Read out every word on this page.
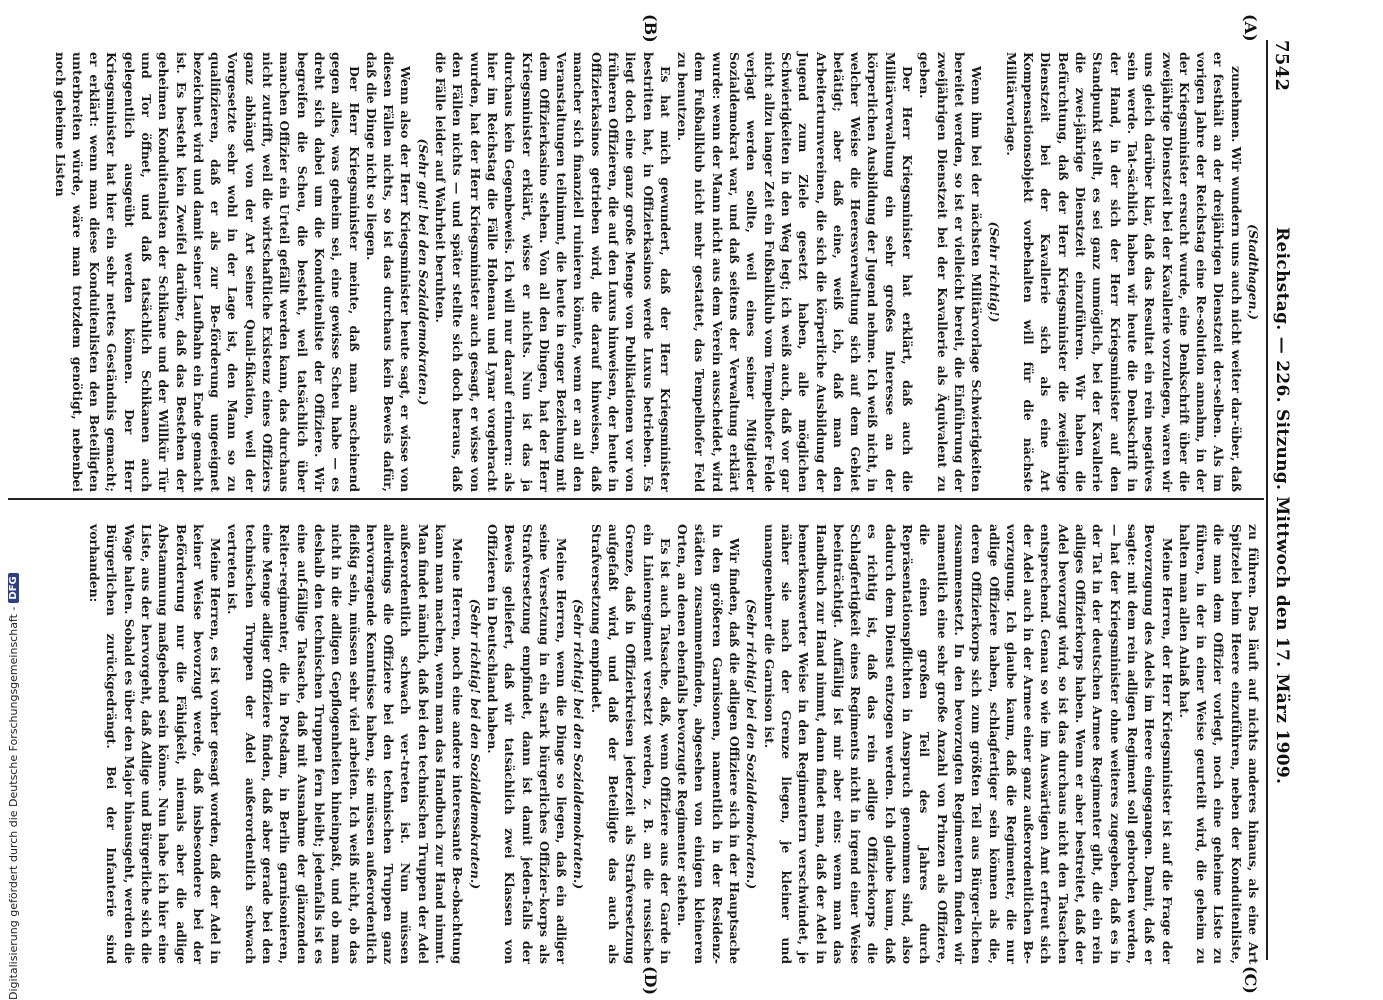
7542
Reichstag. — 226. Sitzung. Mittwoch den 17. März 1909.
(A)
(B)
(C)
(D)

(Stadthagen.)

zunehmen. Wir wundern uns auch nicht weiter dar-über, daß er festhält an der dreijährigen Dienstzeit der-selben. Als im vorigen Jahre der Reichstag eine Re-solution annahm, in der der Kriegsminister ersucht wurde, eine Denkschrift über die zweijährige Dienstzeit bei der Kavallerie vorzulegen, waren wir uns gleich darüber klar, daß das Resultat ein rein negatives sein werde. Tat-sächlich haben wir heute die Denkschrift in der Hand, in der sich der Herr Kriegsminister auf den Standpunkt stellt, es sei ganz unmöglich, bei der Kavallerie die zwei-jährige Dienstzeit einzuführen. Wir haben die Befürchtung, daß der Herr Kriegsminister die zweijährige Dienstzeit bei der Kavallerie sich als eine Art Kompensationsobjekt vorbehalten will für die nächste Militärvorlage.

(Sehr richtig!)

Wenn ihm bei der nächsten Militärvorlage Schwierigkeiten bereitet werden, so ist er vielleicht bereit, die Einführung der zweijährigen Dienstzeit bei der Kavallerie als Äquivalent zu geben.

Der Herr Kriegsminister hat erklärt, daß auch die Militärverwaltung ein sehr großes Interesse an der körperlichen Ausbildung der Jugend nehme. Ich weiß nicht, in welcher Weise die Heeresverwaltung sich auf dem Gebiet betätigt; aber daß eine, weiß ich, daß man den Arbeiterturnvereinen, die sich die körperliche Ausbildung der Jugend zum Ziele gesetzt haben, alle möglichen Schwierigkeiten in den Weg legt; ich weiß auch, daß vor gar nicht allzu langer Zeit ein Fußballklub vom Tempelhofer Felde verjagt werden sollte, weil eines seiner Mitglieder Sozialdemokrat war, und daß seitens der Verwaltung erklärt wurde: wenn der Mann nicht aus dem Verein ausscheidet, wird dem Fußballklub nicht mehr gestattet, das Tempelhofer Feld zu benutzen.

Es hat mich gewundert, daß der Herr Kriegsminister bestritten hat, in Offizierkasinos werde Luxus betrieben. Es liegt doch eine ganz große Menge von Publikationen vor von früheren Offizieren, die auf den Luxus hinweisen, der heute in Offizierkasinos getrieben wird, die darauf hinweisen, daß mancher sich finanziell ruinieren könnte, wenn er an all den Veranstaltungen teilnimmt, die heute in enger Beziehung mit dem Offizierkasino stehen. Von all den Dingen, hat der Herr Kriegsminister erklärt, wisse er nichts. Nun ist das ja durchaus kein Gegenbeweis. Ich will nur darauf erinnern: als hier im Reichstag die Fälle Hohenau und Lynar vorgebracht wurden, hat der Herr Kriegsminister auch gesagt, er wisse von den Fällen nichts — und später stellte sich doch heraus, daß die Fälle leider auf Wahrheit beruhten.

(Sehr gut! bei den Sozialdemokraten.)

Wenn also der Herr Kriegsminister heute sagt, er wisse von diesen Fällen nichts, so ist das durchaus kein Beweis dafür, daß die Dinge nicht so liegen.

Der Herr Kriegsminister meinte, daß man anscheinend gegen alles, was geheim sei, eine gewisse Scheu habe — es dreht sich dabei um die Konduitenliste der Offiziere. Wir begreifen die Scheu, die besteht, weil tatsächlich über manchen Offizier ein Urteil gefällt werden kann, das durchaus nicht zutrifft, weil die wirtschaftliche Existenz eines Offiziers ganz abhängt von der Art seiner Quali-fikation, weil der Vorgesetzte sehr wohl in der Lage ist, den Mann so zu qualifizieren, daß er als zur Be-förderung ungeeignet bezeichnet wird und damit seiner Laufbahn ein Ende gemacht ist. Es besteht kein Zweifel darüber, daß das Bestehen der geheimen Konduitenlisten der Schikane und der Willkür Tür und Tor öffnet, und daß tatsächlich Schikanen auch gelegentlich ausgeübt werden können. Der Herr Kriegsminister hat hier ein sehr nettes Geständnis gemacht; er erklärt: wenn man diese Konduitenlisten den Beteiligten unterbreiten würde, wäre man trotzdem genötigt, nebenbei noch geheime Listen

zu führen. Das läuft auf nichts anderes hinaus, als eine Art Spitzelei beim Heere einzuführen, neben der Konduitenliste, die man dem Offizier vorlegt, noch eine geheime Liste zu führen, in der in einer Weise geurteilt wird, die geheim zu halten man allen Anlaß hat.

Meine Herren, der Herr Kriegsminister ist auf die Frage der Bevorzugung des Adels im Heere eingegangen. Damit, daß er sagte: mit dem rein adligen Regiment soll gebrochen werden, — hat der Kriegsminister ohne weiteres zugegeben, daß es in der Tat in der deutschen Armee Regimenter gibt, die ein rein adliges Offizierkorps haben. Wenn er aber bestreitet, daß der Adel bevorzugt wird, so ist das durchaus nicht den Tatsachen entsprechend. Genau so wie im Auswärtigen Amt erfreut sich der Adel auch in der Armee einer ganz außerordentlichen Be-vorzugung. Ich glaube kaum, daß die Regimenter, die nur adlige Offiziere haben, schlagfertiger sein können als die, deren Offizierkorps sich zum größten Teil aus Bürger-lichen zusammensetzt. In den bevorzugten Regimentern finden wir namentlich eine sehr große Anzahl von Prinzen als Offiziere, die einen großen Teil des Jahres durch Repräsentationspflichten in Anspruch genommen sind, also dadurch dem Dienst entzogen werden. Ich glaube kaum, daß es richtig ist, daß das rein adlige Offizierkorps die Schlagfertigkeit eines Regiments nicht in irgend einer Weise beeinträchtigt. Auffällig ist mir aber eins: wenn man das Handbuch zur Hand nimmt, dann findet man, daß der Adel in bemerkenswerter Weise in den Regimentern verschwindet, je näher sie nach der Grenze liegen, je kleiner und unangenehmer die Garnison ist.

(Sehr richtig! bei den Sozialdemokraten.)

Wir finden, daß die adligen Offiziere sich in der Hauptsache in den größeren Garnisonen, namentlich in der Residenz-städten zusammenfinden, abgesehen von einigen kleineren Orten, an denen ebenfalls bevorzugte Regimenter stehen.

Es ist auch Tatsache, daß, wenn Offiziere aus der Garde in ein Linienregiment versetzt werden, z. B. an die russische Grenze, daß in Offizierkreisen jederzeit als Strafversetzung aufgefaßt wird, und daß der Beteiligte das auch als Strafversetzung empfindet.

(Sehr richtig! bei den Sozialdemokraten.)

Meine Herren, wenn die Dinge so liegen, daß ein adliger seine Versetzung in ein stark bürgerliches Offizier-korps als Strafversetzung empfindet, dann ist damit jeden-falls der Beweis geliefert, daß wir tatsächlich zwei Klassen von Offizieren in Deutschland haben.

(Sehr richtig! bei den Sozialdemokraten.)

Meine Herren, noch eine andere interessante Be-obachtung kann man machen, wenn man das Handbuch zur Hand nimmt. Man findet nämlich, daß bei den technischen Truppen der Adel außerordentlich schwach ver-treten ist. Nun müssen allerdings die Offiziere bei den technischen Truppen ganz hervorragende Kenntnisse haben, sie müssen außerordentlich fleißig sein, müssen sehr viel arbeiten. Ich weiß nicht, ob das nicht in die adligen Gepflogenheiten hineinpaßt, und ob man deshalb den technischen Truppen fern bleibt; jedenfalls ist es eine auf-fällige Tatsache, daß mit Ausnahme der glänzenden Reiter-regimenter, die in Potsdam, in Berlin garnisonieren, eine Menge adliger Offiziere finden, daß aber gerade bei den technischen Truppen der Adel außerordentlich schwach vertreten ist.

Meine Herren, es ist vorher gesagt worden, daß der Adel in keiner Weise bevorzugt werde, daß insbesondere bei der Beförderung nur die Fähigkeit, niemals aber die adlige Abstammung maßgebend sein könne. Nun habe ich hier eine Liste, aus der hervorgeht, daß Adlige und Bürgerliche sich die Wage halten. Sobald es über den Major hinausgeht, werden die Bürgerlichen zurückgedrängt. Bei der Infanterie sind vorhanden:

Digitalisierung gefördert durch die Deutsche Forschungsgemeinschaft -
DFG
